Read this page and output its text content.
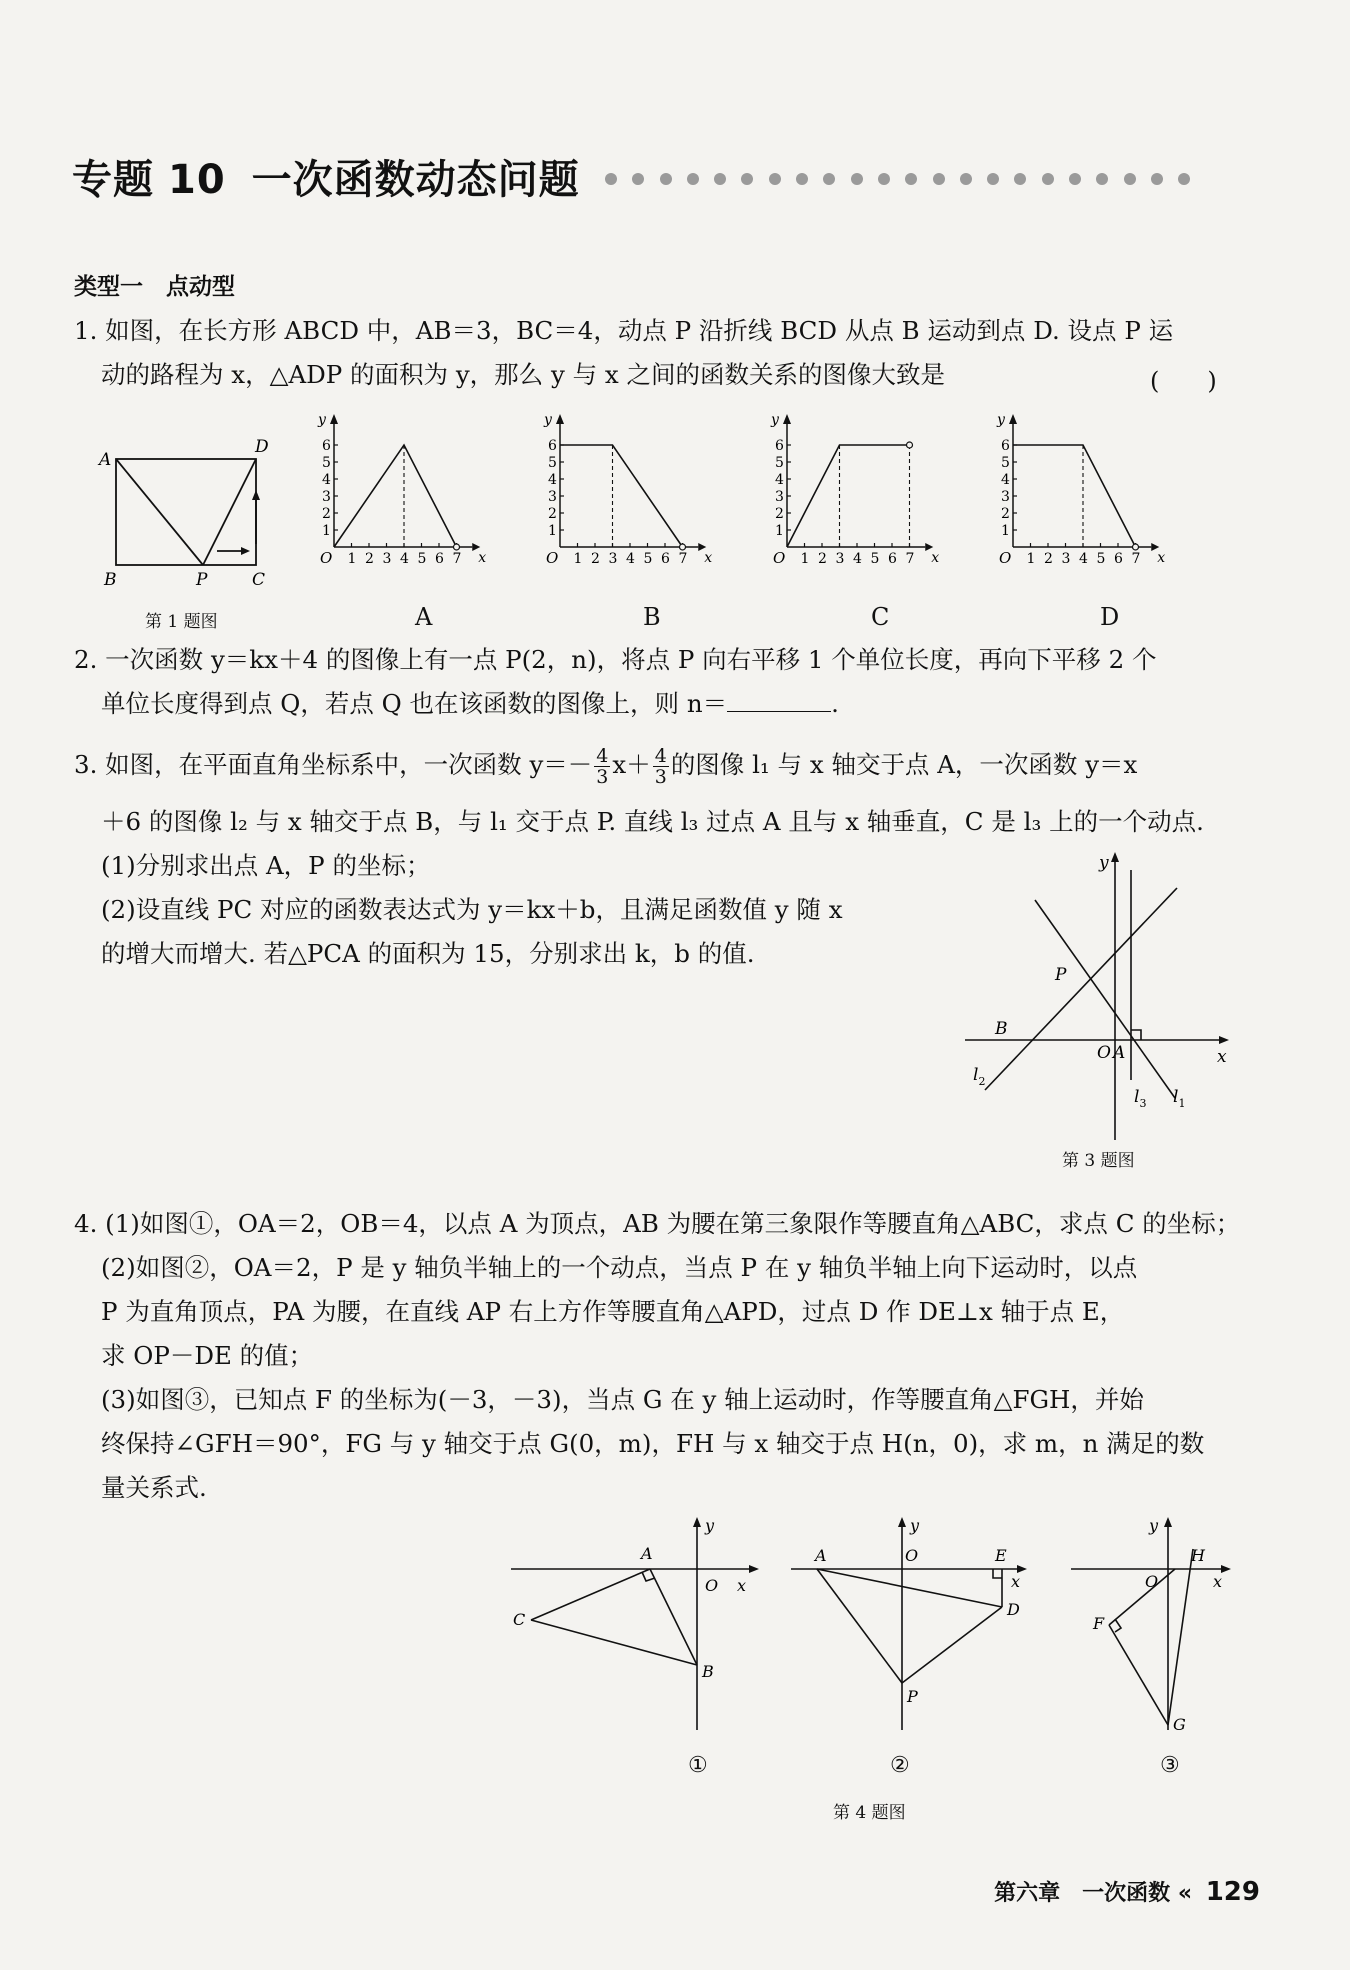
专题 10 一次函数动态问题
类型一　点动型

1. 如图，在长方形 ABCD 中，AB＝3，BC＝4，动点 P 沿折线 BCD 从点 B 运动到点 D. 设点 P 运

动的路程为 x，△ADP 的面积为 y，那么 y 与 x 之间的函数关系的图像大致是	(　　)
A
D
B	P	C
第 1 题图
y
x
O
1
2
3
4
5
6
1 2 3 4 5 6 7
y
x
O
1
2
3
4
5
6
1 2 3 4 5 6 7
y
x
O
1
2
3
4
5
6
1 2 3 4 5 6 7
y
x
O
1
2
3
4
5
6
1 2 3 4 5 6 7
A	B	C	D

2. 一次函数 y＝kx＋4 的图像上有一点 P(2，n)，将点 P 向右平移 1 个单位长度，再向下平移 2 个

单位长度得到点 Q，若点 Q 也在该函数的图像上，则 n＝	.

3. 如图，在平面直角坐标系中，一次函数 $y=- \frac{4}{3} x+ \frac{4}{3}$ 的图像 l₁ 与 x 轴交于点 A，一次函数 y＝x

＋6 的图像 l₂ 与 x 轴交于点 B，与 l₁ 交于点 P. 直线 l₃ 过点 A 且与 x 轴垂直，C 是 l₃ 上的一个动点.

(1)分别求出点 A，P 的坐标；

(2)设直线 PC 对应的函数表达式为 y＝kx＋b，且满足函数值 y 随 x

的增大而增大. 若△PCA 的面积为 15，分别求出 k，b 的值.

y
x
O A
B
P
$l_2$
$l_3$ $l_1$
第 3 题图

4. (1)如图①，OA＝2，OB＝4，以点 A 为顶点，AB 为腰在第三象限作等腰直角△ABC，求点 C 的坐标；

(2)如图②，OA＝2，P 是 y 轴负半轴上的一个动点，当点 P 在 y 轴负半轴上向下运动时，以点

P 为直角顶点，PA 为腰，在直线 AP 右上方作等腰直角△APD，过点 D 作 DE⊥x 轴于点 E，

求 OP－DE 的值；

(3)如图③，已知点 F 的坐标为(－3，－3)，当点 G 在 y 轴上运动时，作等腰直角△FGH，并始

终保持∠GFH＝90°，FG 与 y 轴交于点 G(0，m)，FH 与 x 轴交于点 H(n，0)，求 m，n 满足的数

量关系式.

y
x
O
A
B
C
y
x
O
A	E
D
P
y
x
O
H
F
G
①	②	③
第 4 题图
第六章　一次函数 « 129
